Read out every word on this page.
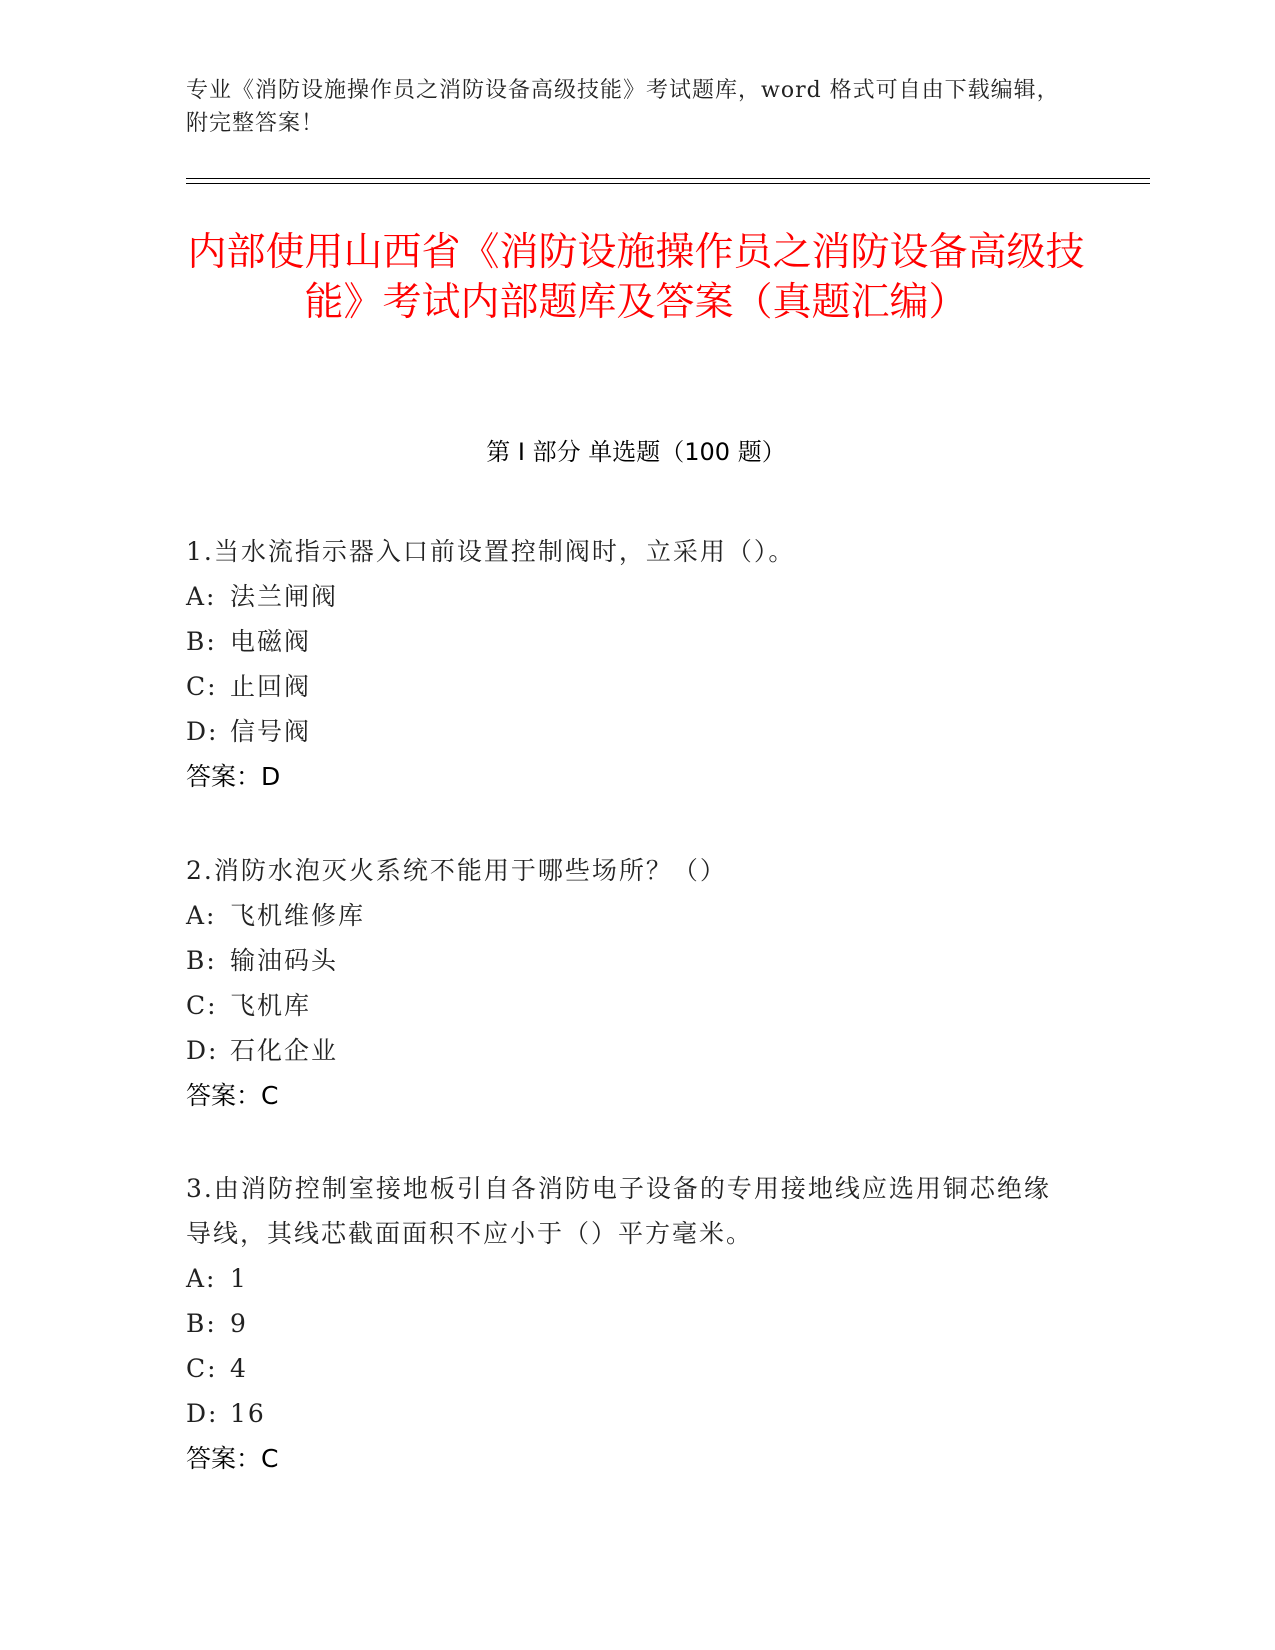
专业《消防设施操作员之消防设备高级技能》考试题库，word 格式可自由下载编辑，附完整答案！
内部使用山西省《消防设施操作员之消防设备高级技能》考试内部题库及答案（真题汇编）
第 I 部分 单选题（100 题）
1.当水流指示器入口前设置控制阀时，立采用（）。
A: 法兰闸阀
B: 电磁阀
C: 止回阀
D: 信号阀
答案：D
2.消防水泡灭火系统不能用于哪些场所？（）
A: 飞机维修库
B: 输油码头
C: 飞机库
D: 石化企业
答案：C
3.由消防控制室接地板引自各消防电子设备的专用接地线应选用铜芯绝缘导线，其线芯截面面积不应小于（）平方毫米。
A: 1
B: 9
C: 4
D: 16
答案：C
